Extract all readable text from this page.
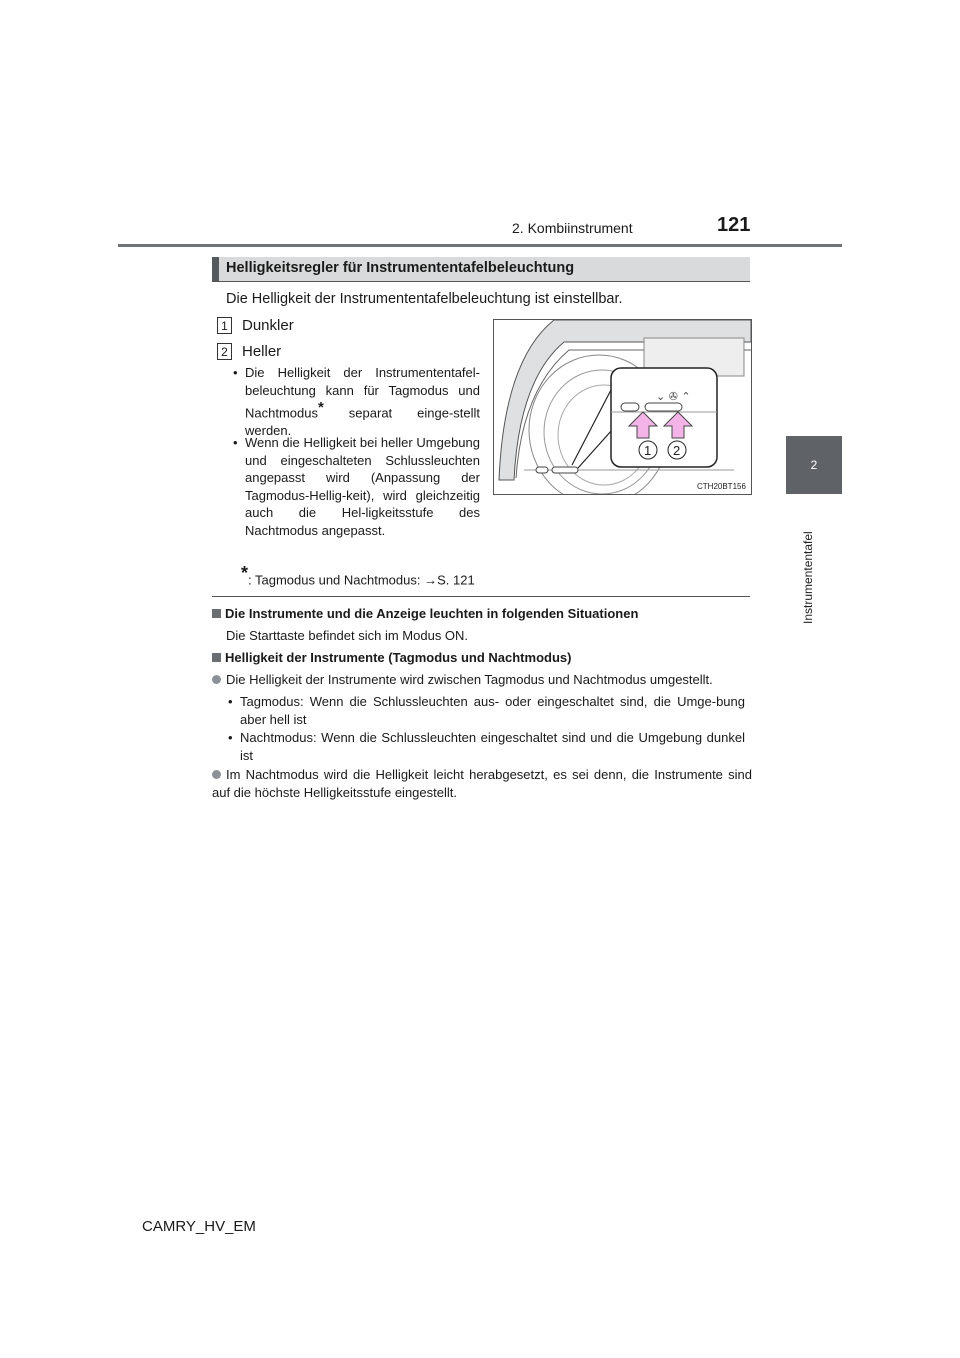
2. Kombiinstrument	121
2
Instrumententafel
Helligkeitsregler für Instrumententafelbeleuchtung
Die Helligkeit der Instrumententafelbeleuchtung ist einstellbar.
1 Dunkler
2 Heller
• Die Helligkeit der Instrumententafel-beleuchtung kann für Tagmodus und Nachtmodus* separat einge-stellt werden.
• Wenn die Helligkeit bei heller Umgebung und eingeschalteten Schlussleuchten angepasst wird (Anpassung der Tagmodus-Hellig-keit), wird gleichzeitig auch die Hel-ligkeitsstufe des Nachtmodus angepasst.
*: Tagmodus und Nachtmodus: →S. 121
⌄ ✇ ⌃
1 2
CTH20BT156
Die Instrumente und die Anzeige leuchten in folgenden Situationen
Die Starttaste befindet sich im Modus ON.
Helligkeit der Instrumente (Tagmodus und Nachtmodus)
Die Helligkeit der Instrumente wird zwischen Tagmodus und Nachtmodus umgestellt.
• Tagmodus: Wenn die Schlussleuchten aus- oder eingeschaltet sind, die Umge-bung aber hell ist
• Nachtmodus: Wenn die Schlussleuchten eingeschaltet sind und die Umgebung dunkel ist
Im Nachtmodus wird die Helligkeit leicht herabgesetzt, es sei denn, die Instrumente sind auf die höchste Helligkeitsstufe eingestellt.
CAMRY_HV_EM
